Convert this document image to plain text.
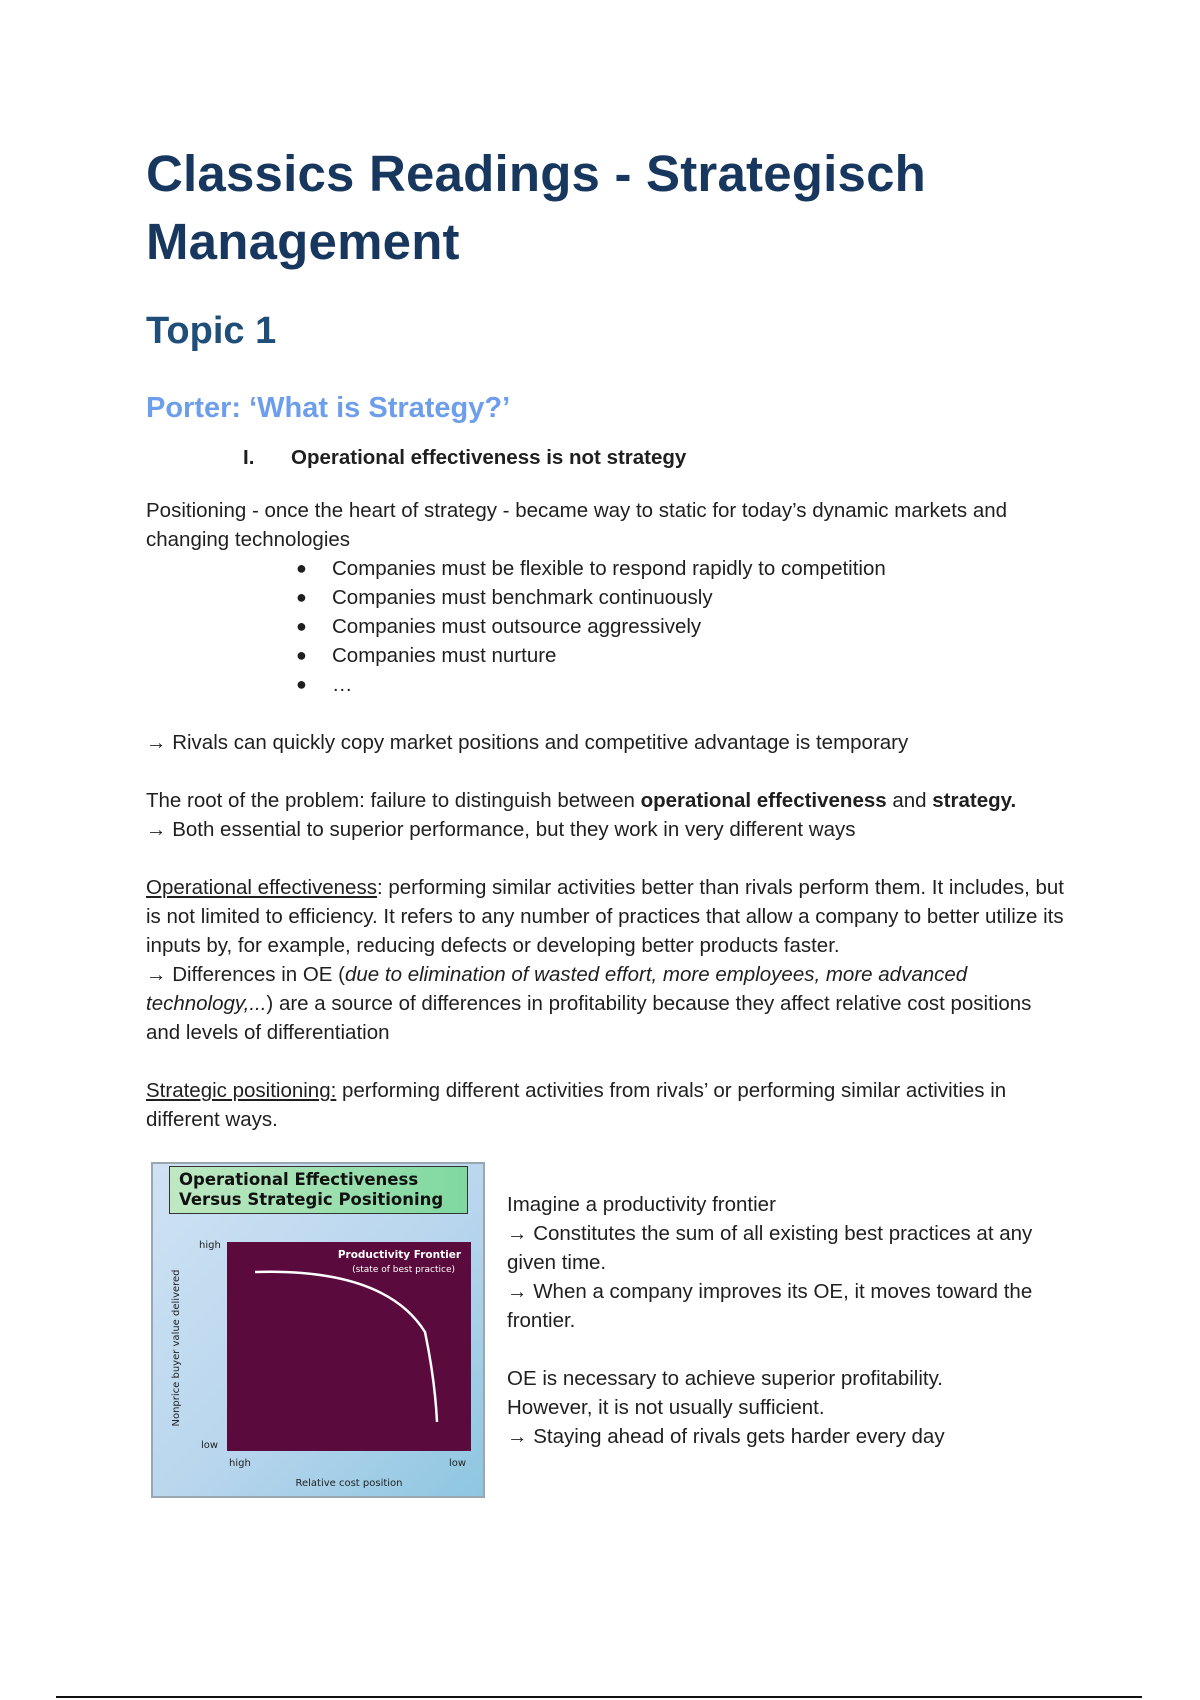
Classics Readings - Strategisch
Management
Topic 1
Porter: ‘What is Strategy?’
I.	Operational effectiveness is not strategy

Positioning - once the heart of strategy - became way to static for today’s dynamic markets and changing technologies

●	Companies must be flexible to respond rapidly to competition
●	Companies must benchmark continuously
●	Companies must outsource aggressively
●	Companies must nurture
●	…

→ Rivals can quickly copy market positions and competitive advantage is temporary

The root of the problem: failure to distinguish between operational effectiveness and strategy.

→ Both essential to superior performance, but they work in very different ways

Operational effectiveness: performing similar activities better than rivals perform them. It includes, but is not limited to efficiency. It refers to any number of practices that allow a company to better utilize its inputs by, for example, reducing defects or developing better products faster.

→ Differences in OE (due to elimination of wasted effort, more employees, more advanced technology,...) are a source of differences in profitability because they affect relative cost positions and levels of differentiation

Strategic positioning: performing different activities from rivals’ or performing similar activities in different ways.

Productivity Frontier
(state of best practice)
high
low
high	low
Relative cost position
Nonprice buyer value delivered
Operational Effectiveness
Versus Strategic Positioning	Imagine a productivity frontier

→ Constitutes the sum of all existing best practices at any given time.

→ When a company improves its OE, it moves toward the frontier.

OE is necessary to achieve superior profitability.

However, it is not usually sufficient.

→ Staying ahead of rivals gets harder every day
